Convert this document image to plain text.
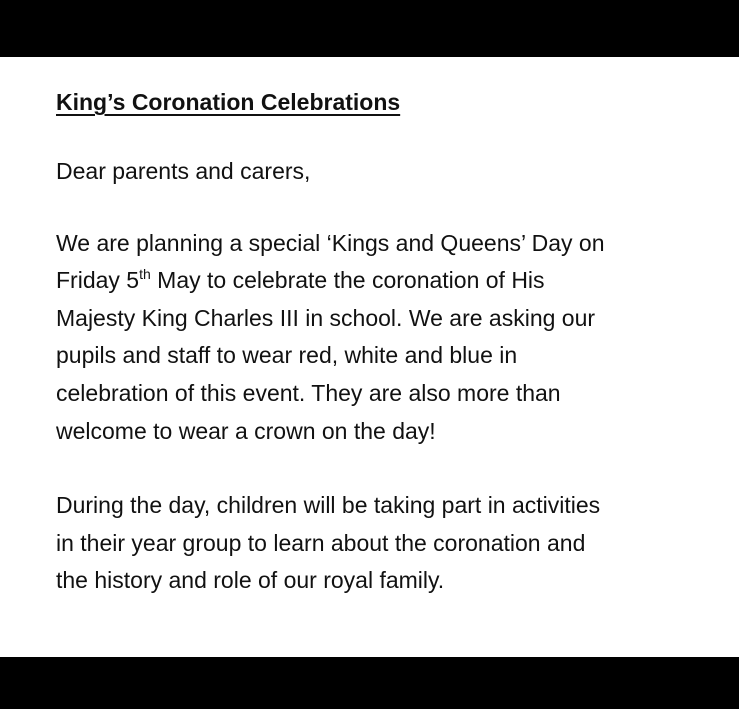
King’s Coronation Celebrations

Dear parents and carers,

We are planning a special ‘Kings and Queens’ Day on
Friday 5th May to celebrate the coronation of His
Majesty King Charles III in school. We are asking our
pupils and staff to wear red, white and blue in
celebration of this event. They are also more than
welcome to wear a crown on the day!

During the day, children will be taking part in activities
in their year group to learn about the coronation and
the history and role of our royal family.
